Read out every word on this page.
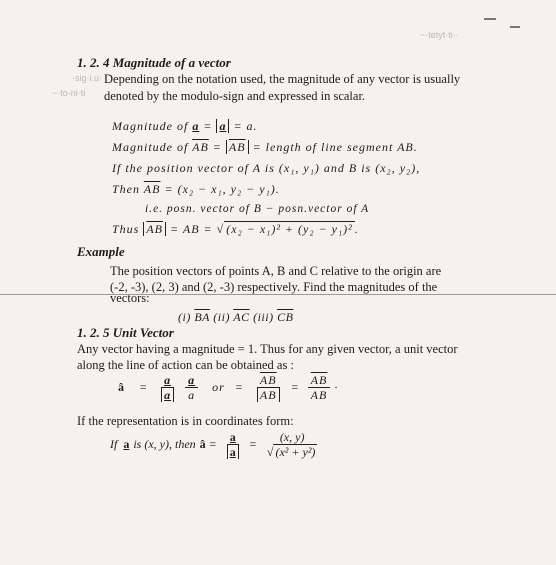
~·tetyt·ti··
·sig·i.u·
~·to·ni·ti
1. 2. 4 Magnitude of a vector
Depending on the notation used, the magnitude of any vector is usually
denoted by the modulo-sign and expressed in scalar.
Magnitude of a = a = a.
Magnitude of $\overline{AB} = \overline{AB}$ = length of line segment AB.
If the position vector of A is (x₁, y₁) and B is (x₂, y₂),
Then $\overline{AB} = (x_2 - x_1$, y₂ − y₁).
i.e. posn. vector of B − posn.vector of A
Thus $\overline{AB}$ = AB = √ (x₂ − x₁)² + (y₂ − y₁)² .
Example
The position vectors of points A, B and C relative to the origin are
(-2, -3), (2, 3) and (2, -3) respectively. Find the magnitudes of the
vectors:
(i) $\overline{BA}$ (ii) $\overline{AC}$ (iii) $\overline{CB}$
1. 2. 5 Unit Vector
Any vector having a magnitude = 1. Thus for any given vector, a unit vector
along the line of action can be obtained as :
â = $\frac{a}{a} \frac{a}{a}$ or = $\frac{\overline{AB}}{AB} = \frac{\overline{AB}}{AB}$ ·
If the representation is in coordinates form:
If a is (x, y), then â = $\frac{a}{a} = \frac{(x, y)}{\text{√ (x² + y²)}}$
